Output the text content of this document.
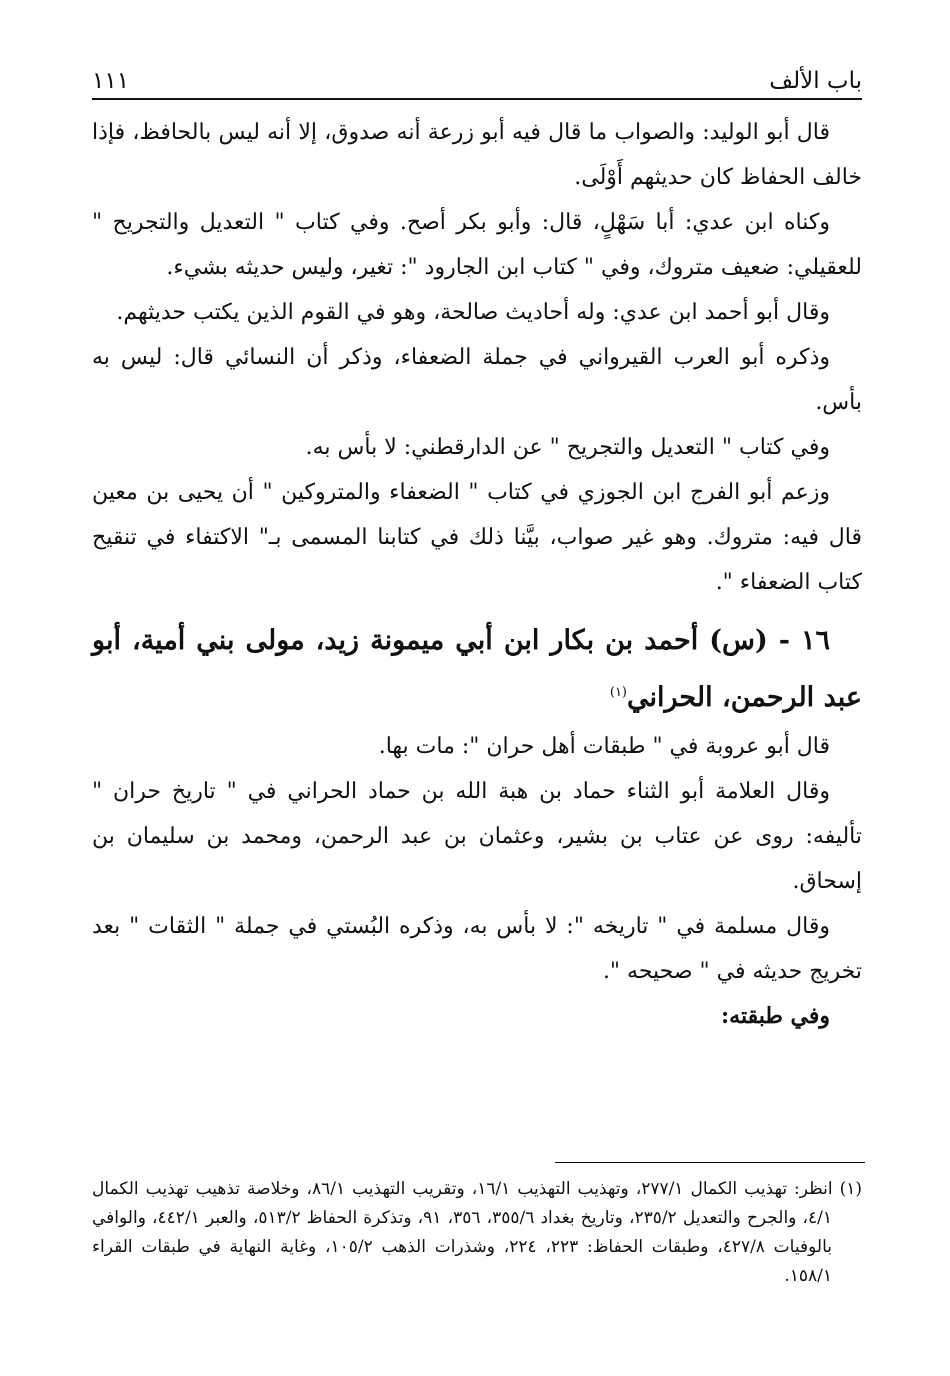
باب الألف
١١١

قال أبو الوليد: والصواب ما قال فيه أبو زرعة أنه صدوق، إلا أنه ليس بالحافظ، فإذا خالف الحفاظ كان حديثهم أَوْلَى.

وكناه ابن عدي: أبا سَهْلٍ، قال: وأبو بكر أصح. وفي كتاب " التعديل والتجريح " للعقيلي: ضعيف متروك، وفي " كتاب ابن الجارود ": تغير، وليس حديثه بشيء.

وقال أبو أحمد ابن عدي: وله أحاديث صالحة، وهو في القوم الذين يكتب حديثهم.

وذكره أبو العرب القيرواني في جملة الضعفاء، وذكر أن النسائي قال: ليس به بأس.

وفي كتاب " التعديل والتجريح " عن الدارقطني: لا بأس به.

وزعم أبو الفرج ابن الجوزي في كتاب " الضعفاء والمتروكين " أن يحيى بن معين قال فيه: متروك. وهو غير صواب، بيَّنا ذلك في كتابنا المسمى بـ" الاكتفاء في تنقيح كتاب الضعفاء ".

١٦ - (س) أحمد بن بكار ابن أبي ميمونة زيد، مولى بني أمية، أبو عبد الرحمن، الحراني$^{(١)}$

قال أبو عروبة في " طبقات أهل حران ": مات بها.

وقال العلامة أبو الثناء حماد بن هبة الله بن حماد الحراني في " تاريخ حران " تأليفه: روى عن عتاب بن بشير، وعثمان بن عبد الرحمن، ومحمد بن سليمان بن إسحاق.

وقال مسلمة في " تاريخه ": لا بأس به، وذكره البُستي في جملة " الثقات " بعد تخريج حديثه في " صحيحه ".

وفي طبقته:

(١) انظر: تهذيب الكمال ٢٧٧/١، وتهذيب التهذيب ١٦/١، وتقريب التهذيب ٨٦/١، وخلاصة تذهيب تهذيب الكمال ٤/١، والجرح والتعديل ٢٣٥/٢، وتاريخ بغداد ٣٥٥/٦، ٣٥٦، ٩١، وتذكرة الحفاظ ٥١٣/٢، والعبر ٤٤٢/١، والوافي بالوفيات ٤٢٧/٨، وطبقات الحفاظ: ٢٢٣، ٢٢٤، وشذرات الذهب ١٠٥/٢، وغاية النهاية في طبقات القراء ١٥٨/١.
